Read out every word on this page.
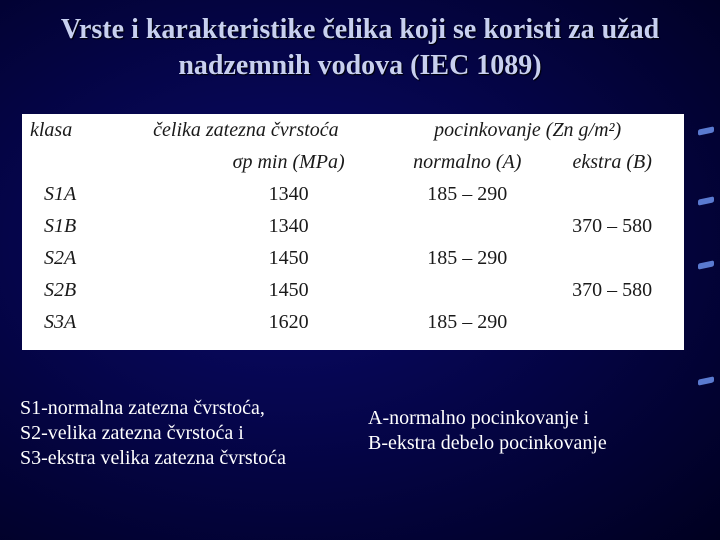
Vrste i karakteristike čelika koji se koristi za užad nadzemnih vodova (IEC 1089)
klasa	čelika zatezna čvrstoća	pocinkovanje (Zn g/m²)	
	σp min (MPa)	normalno (A)	ekstra (B)
S1A	1340	185 – 290	
S1B	1340		370 – 580
S2A	1450	185 – 290	
S2B	1450		370 – 580
S3A	1620	185 – 290	
S1-normalna zatezna čvrstoća,
S2-velika zatezna čvrstoća i
S3-ekstra velika zatezna čvrstoća
A-normalno pocinkovanje i
B-ekstra debelo pocinkovanje
